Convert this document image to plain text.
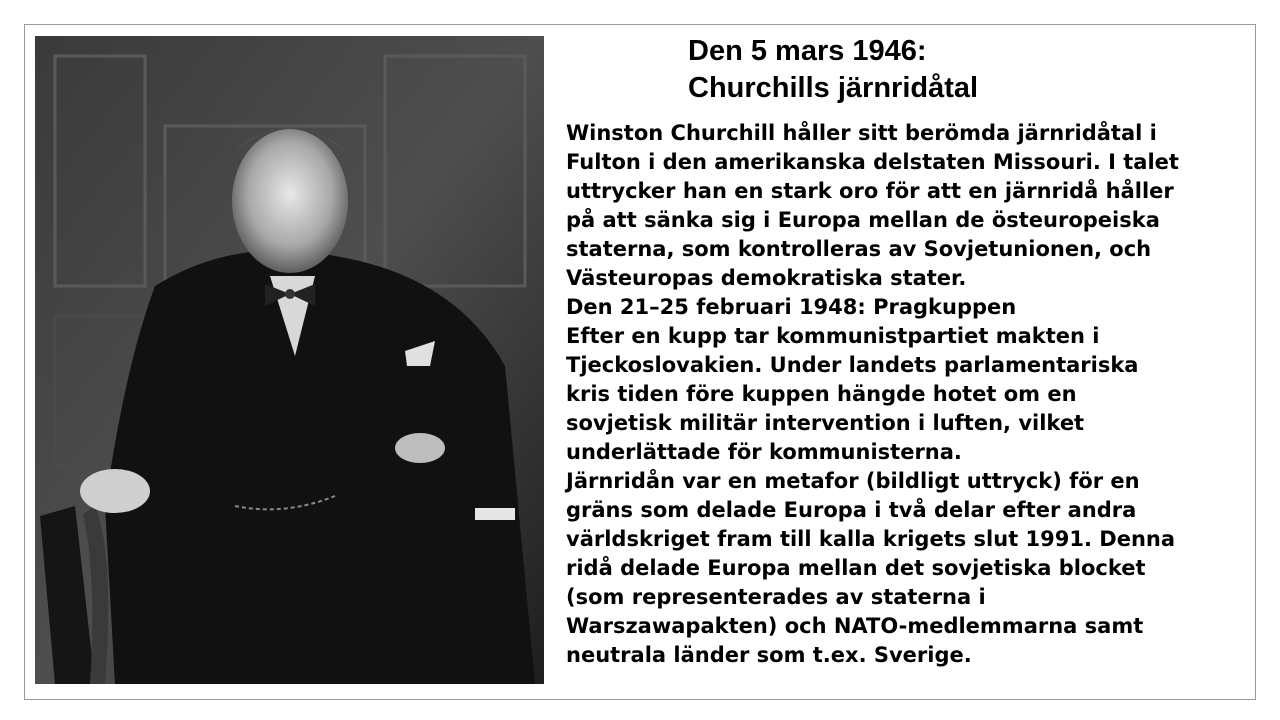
Den 5 mars 1946:
Churchills järnridåtal
Winston Churchill håller sitt berömda järnridåtal i
Fulton i den amerikanska delstaten Missouri. I talet
uttrycker han en stark oro för att en järnridå håller
på att sänka sig i Europa mellan de östeuropeiska
staterna, som kontrolleras av Sovjetunionen, och
Västeuropas demokratiska stater.
Den 21–25 februari 1948: Pragkuppen
Efter en kupp tar kommunistpartiet makten i
Tjeckoslovakien. Under landets parlamentariska
kris tiden före kuppen hängde hotet om en
sovjetisk militär intervention i luften, vilket
underlättade för kommunisterna.
Järnridån var en metafor (bildligt uttryck) för en
gräns som delade Europa i två delar efter andra
världskriget fram till kalla krigets slut 1991. Denna
ridå delade Europa mellan det sovjetiska blocket
(som representerades av staterna i
Warszawapakten) och NATO-medlemmarna samt
neutrala länder som t.ex. Sverige.
